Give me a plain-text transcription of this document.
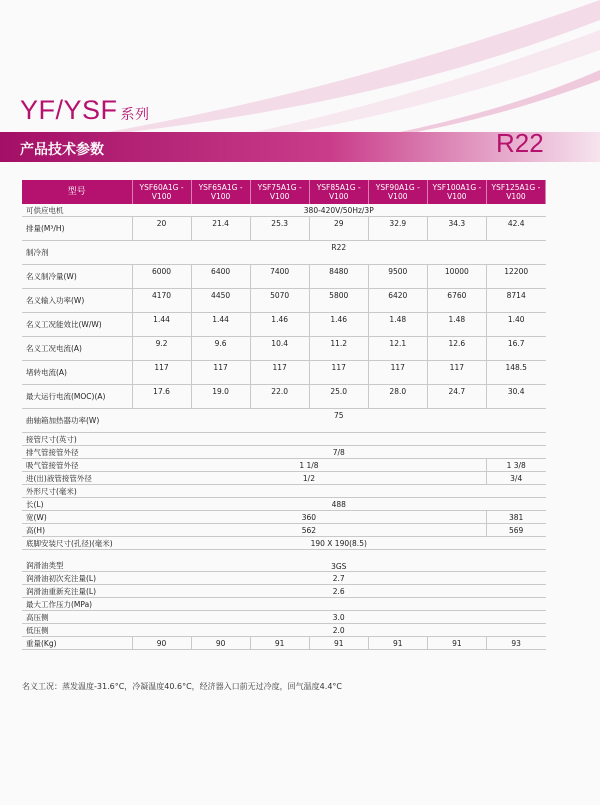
YF/YSF 系列
产品技术参数	R22
型号	YSF60A1G -V100	YSF65A1G -V100	YSF75A1G -V100	YSF85A1G -V100	YSF90A1G -V100	YSF100A1G -V100	YSF125A1G -V100
可供应电机	380-420V/50Hz/3P						
排量(M³/H)	20	21.4	25.3	29	32.9	34.3	42.4
制冷剂	R22						
名义制冷量(W)	6000	6400	7400	8480	9500	10000	12200
名义输入功率(W)	4170	4450	5070	5800	6420	6760	8714
名义工况能效比(W/W)	1.44	1.44	1.46	1.46	1.48	1.48	1.40
名义工况电流(A)	9.2	9.6	10.4	11.2	12.1	12.6	16.7
堵转电流(A)	117	117	117	117	117	117	148.5
最大运行电流(MOC)(A)	17.6	19.0	22.0	25.0	28.0	24.7	30.4
曲轴箱加热器功率(W)	75						
接管尺寸(英寸)							
排气管接管外径	7/8						
吸气管接管外径	1 1/8						1 3/8
进(出)液管接管外径	1/2						3/4
外形尺寸(毫米)							
长(L)	488						
宽(W)	360						381
高(H)	562						569
底脚安装尺寸(孔径)(毫米)	190 X 190(8.5)						
润滑油类型	3GS						
润滑油初次充注量(L)	2.7						
润滑油重新充注量(L)	2.6						
最大工作压力(MPa)							
高压侧	3.0						
低压侧	2.0						
重量(Kg)	90	90	91	91	91	91	93
名义工况：蒸发温度-31.6°C，冷凝温度40.6°C，经济器入口前无过冷度，回气温度4.4°C
